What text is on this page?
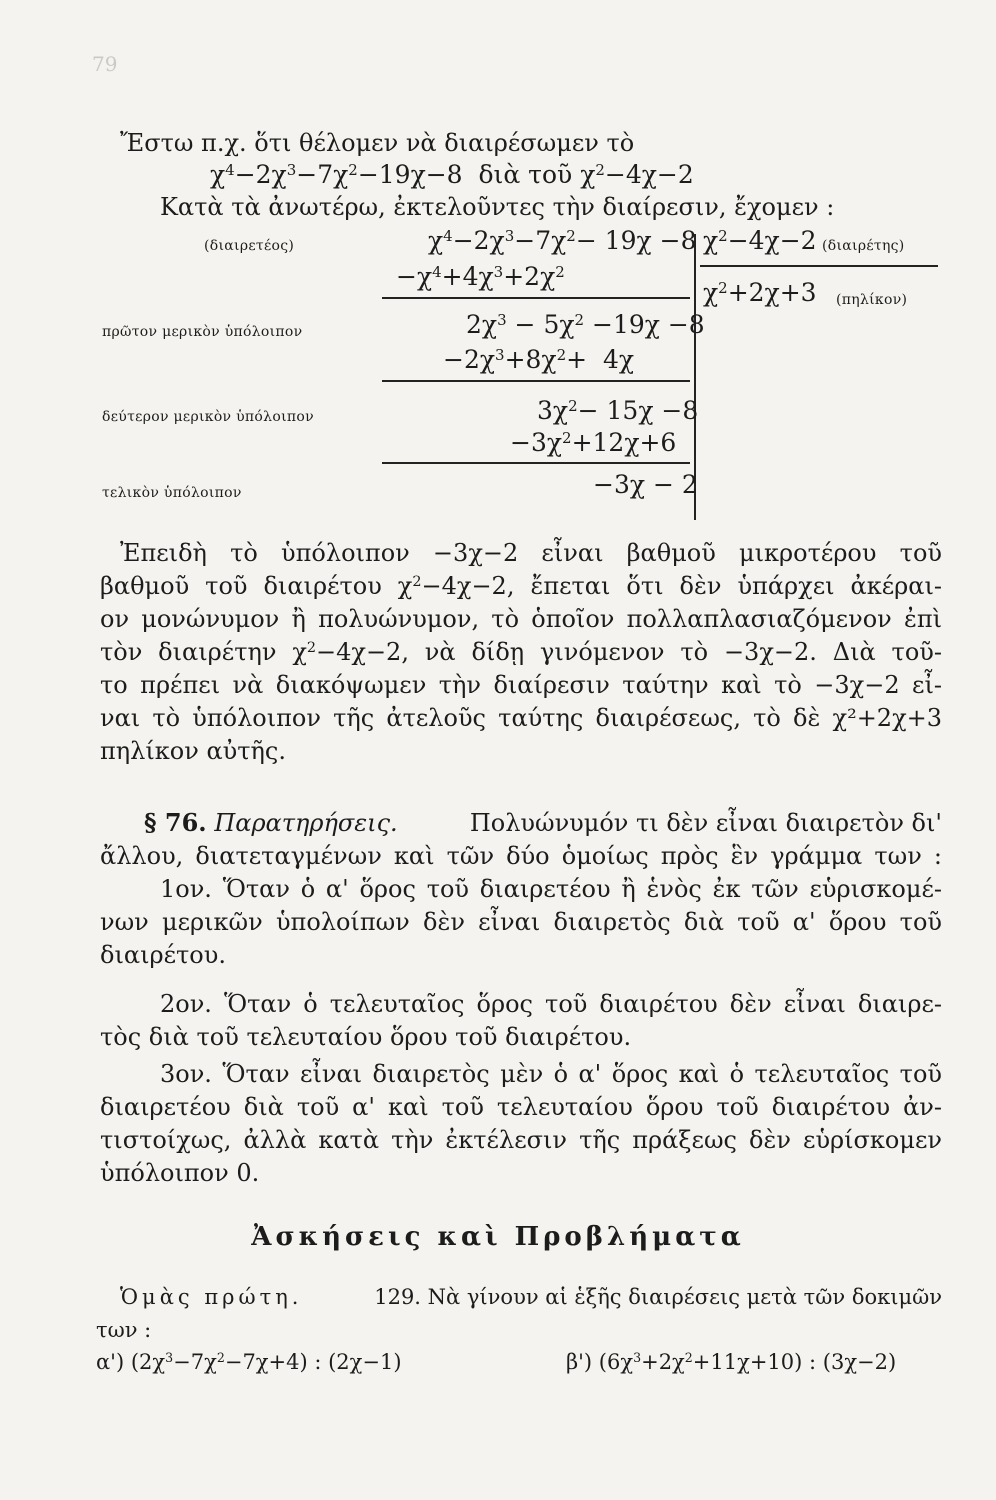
79
Ἔστω π.χ. ὅτι θέλομεν νὰ διαιρέσωμεν τὸ
$\chi^4-2\chi^3-7\chi^2-19\chi-8$  διὰ τοῦ $\chi^2-4\chi-2$
Κατὰ τὰ ἀνωτέρω, ἐκτελοῦντες τὴν διαίρεσιν, ἔχομεν :
(διαιρετέος)	$\chi^4-2\chi^3-7\chi^2- 19\chi -8$ $\chi^2-4\chi-2$ (διαιρέτης)
$-\chi^4+4\chi^3+2\chi^2$
$\chi^2+2\chi+3$ (πηλίκον)
πρῶτον μερικὸν ὑπόλοιπον	$2\chi^3 - 5\chi^2 -19\chi -8$
$-2\chi^3+8\chi^2+ 4\chi$
δεύτερον μερικὸν ὑπόλοιπον	$3\chi^2- 15\chi -8$
$-3\chi^2+12\chi+6$
τελικὸν ὑπόλοιπον	−3χ − 2
Ἐπειδὴ τὸ ὑπόλοιπον −3χ−2 εἶναι βαθμοῦ μικροτέρου τοῦ
βαθμοῦ τοῦ διαιρέτου $\chi^2-4\chi-2$, ἔπεται ὅτι δὲν ὑπάρχει ἀκέραι-
ον μονώνυμον ἢ πολυώνυμον, τὸ ὁποῖον πολλαπλασιαζόμενον ἐπὶ
τὸν διαιρέτην $\chi^2-4\chi-2$, νὰ δίδῃ γινόμενον τὸ −3χ−2. Διὰ τοῦ-
το πρέπει νὰ διακόψωμεν τὴν διαίρεσιν ταύτην καὶ τὸ −3χ−2 εἶ-
ναι τὸ ὑπόλοιπον τῆς ἀτελοῦς ταύτης διαιρέσεως, τὸ δὲ χ²+2χ+3
πηλίκον αὐτῆς.
§ 76. Παρατηρήσεις.	Πολυώνυμόν τι δὲν εἶναι διαιρετὸν δι'
ἄλλου, διατεταγμένων καὶ τῶν δύο ὁμοίως πρὸς ἓν γράμμα των :
1ον. Ὅταν ὁ α' ὅρος τοῦ διαιρετέου ἢ ἑνὸς ἐκ τῶν εὑρισκομέ-
νων μερικῶν ὑπολοίπων δὲν εἶναι διαιρετὸς διὰ τοῦ α' ὅρου τοῦ
διαιρέτου.
2ον. Ὅταν ὁ τελευταῖος ὅρος τοῦ διαιρέτου δὲν εἶναι διαιρε-
τὸς διὰ τοῦ τελευταίου ὅρου τοῦ διαιρέτου.
3ον. Ὅταν εἶναι διαιρετὸς μὲν ὁ α' ὅρος καὶ ὁ τελευταῖος τοῦ
διαιρετέου διὰ τοῦ α' καὶ τοῦ τελευταίου ὅρου τοῦ διαιρέτου ἀν-
τιστοίχως, ἀλλὰ κατὰ τὴν ἐκτέλεσιν τῆς πράξεως δὲν εὑρίσκομεν
ὑπόλοιπον 0.
Ἀσκήσεις καὶ Προβλήματα
Ὁμὰς πρώτη.	129. Νὰ γίνουν αἱ ἑξῆς διαιρέσεις μετὰ τῶν δοκιμῶν
των :
α') $(2\chi^3-7\chi^2-7\chi+4)$ : (2χ−1)	β') $(6\chi^3+2\chi^2+11\chi+10)$ : (3χ−2)
